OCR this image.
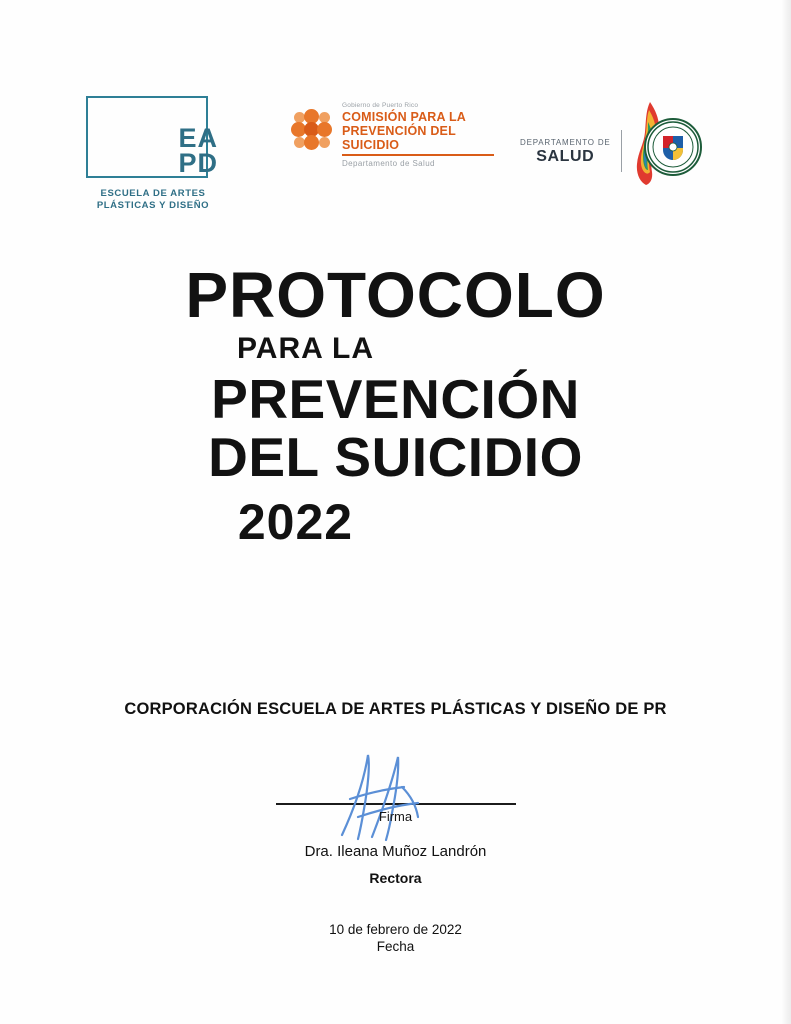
EA
PD
ESCUELA DE ARTES
PLÁSTICAS Y DISEÑO
Gobierno de Puerto Rico
COMISIÓN PARA LA
PREVENCIÓN DEL SUICIDIO
Departamento de Salud
DEPARTAMENTO DE
SALUD
PROTOCOLO
PARA LA
PREVENCIÓN
DEL SUICIDIO
2022
CORPORACIÓN ESCUELA DE ARTES PLÁSTICAS Y DISEÑO DE PR
Firma
Dra. Ileana Muñoz Landrón
Rectora
10 de febrero de 2022
Fecha
